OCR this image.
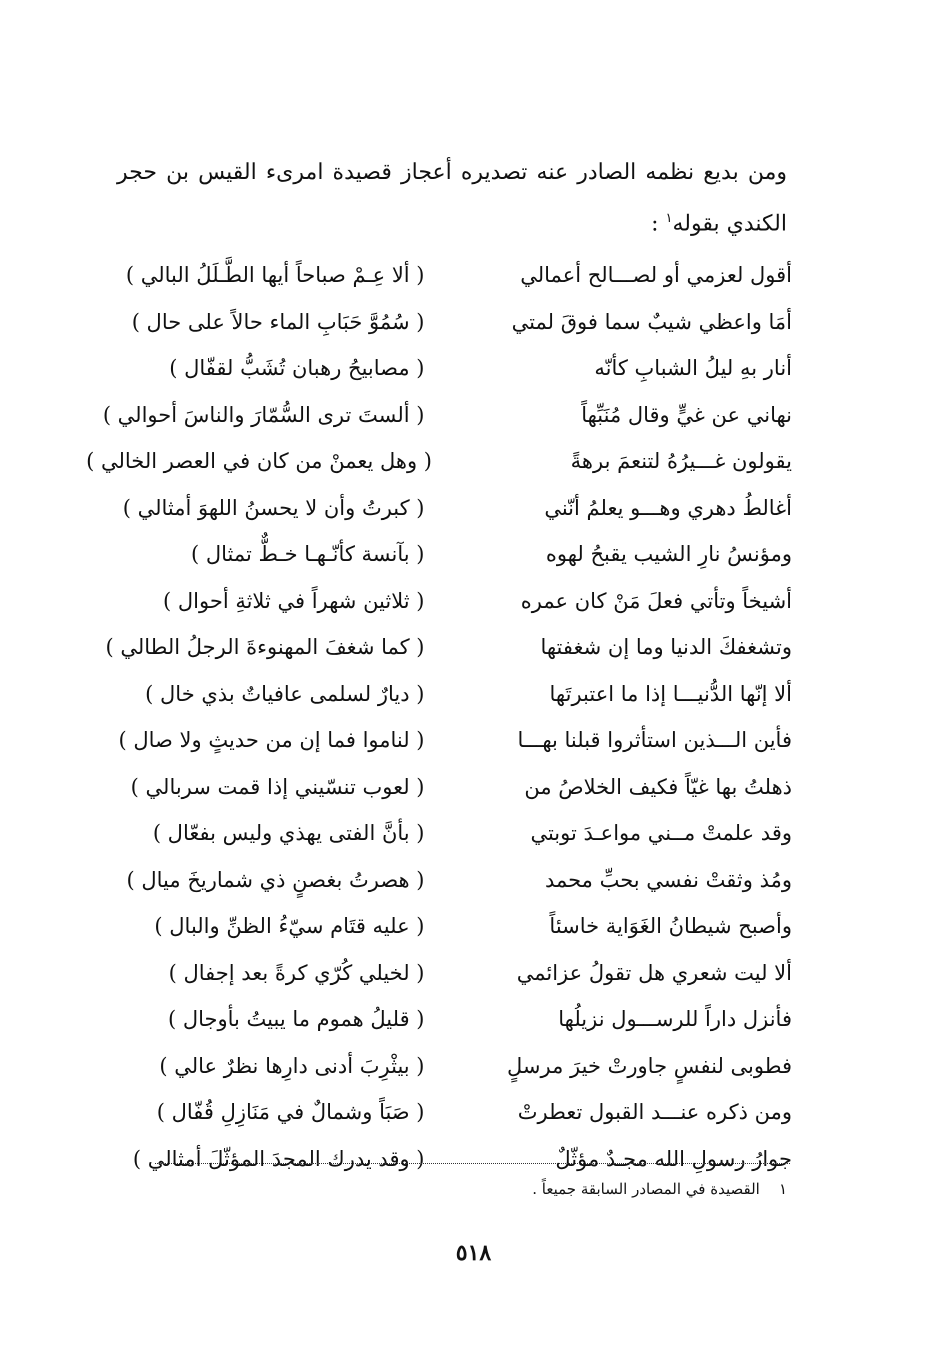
ومن بديع نظمه الصادر عنه تصديره أعجاز قصيدة امرىء القيس بن حجر الكندي بقوله$^١$ :
أقول لعزمي أو لصـــالح أعمالي
( ألا عِـمْ صباحاً أيها الطَّـلَلُ البالي )
أمَا واعظي شيبٌ سما فوقَ لمتي
( سُمُوَّ حَبَابِ الماء حالاً على حال )
أنار بهِ ليلُ الشبابِ كأنّه
( مصابيحُ رهبان تُشَبُّ لقفّال )
نهاني عن غيٍّ وقال مُنَبِّهاً
( ألستَ ترى السُّمّارَ والناسَ أحوالي )
يقولون غـــيرُهُ لتنعمَ برهةً
( وهل يعمنْ من كان في العصر الخالي )
أغالطُ دهري وهـــو يعلمُ أنّني
( كبرتُ وأن لا يحسنُ اللهوَ أمثالي )
ومؤنسُ نارِ الشيب يقبحُ لهوه
( بآنسة كأنّـهـا خـطٌّ تمثال )
أشيخاً وتأتي فعلَ مَنْ كان عمره
( ثلاثين شهراً في ثلاثةِ أحوال )
وتشغفكَ الدنيا وما إن شغفتها
( كما شغفَ المهنوءةَ الرجلُ الطالي )
ألا إنّها الدُّنيـــا إذا ما اعتبرتَها
( ديارٌ لسلمى عافياتٌ بذي خال )
فأين الـــذين استأثروا قبلنا بهـــا
( لناموا فما إن من حديثٍ ولا صال )
ذهلتُ بها غيّاً فكيف الخلاصُ من
( لعوب تنسّيني إذا قمت سربالي )
وقد علمتْ مــني مواعـدَ توبتي
( بأنَّ الفتى يهذي وليس بفعّال )
ومُذ وثقتْ نفسي بحبِّ محمد
( هصرتُ بغصنٍ ذي شماريخَ ميال )
وأصبح شيطانُ الغَوَاية خاسئاً
( عليه قتَام سيّءُ الظنِّ والبال )
ألا ليت شعري هل تقولُ عزائمي
( لخيلي كُرّي كرةً بعد إجفال )
فأنزل داراً للرســـول نزيلُها
( قليلُ هموم ما يبيتُ بأوجال )
فطوبى لنفسٍ جاورتْ خيرَ مرسلٍ
( بيثْرِبَ أدنى دارِها نظرٌ عالي )
ومن ذكره عنـــد القبول تعطرتْ
( صَبَاً وشمالٌ في مَنَازِلِ قُفّال )
جوارُ رسولِ الله مجـدٌ مؤثّلٌ
( وقد يدرك المجدَ المؤثّلَ أمثالي )
١    القصيدة في المصادر السابقة جميعاً .
٥١٨
